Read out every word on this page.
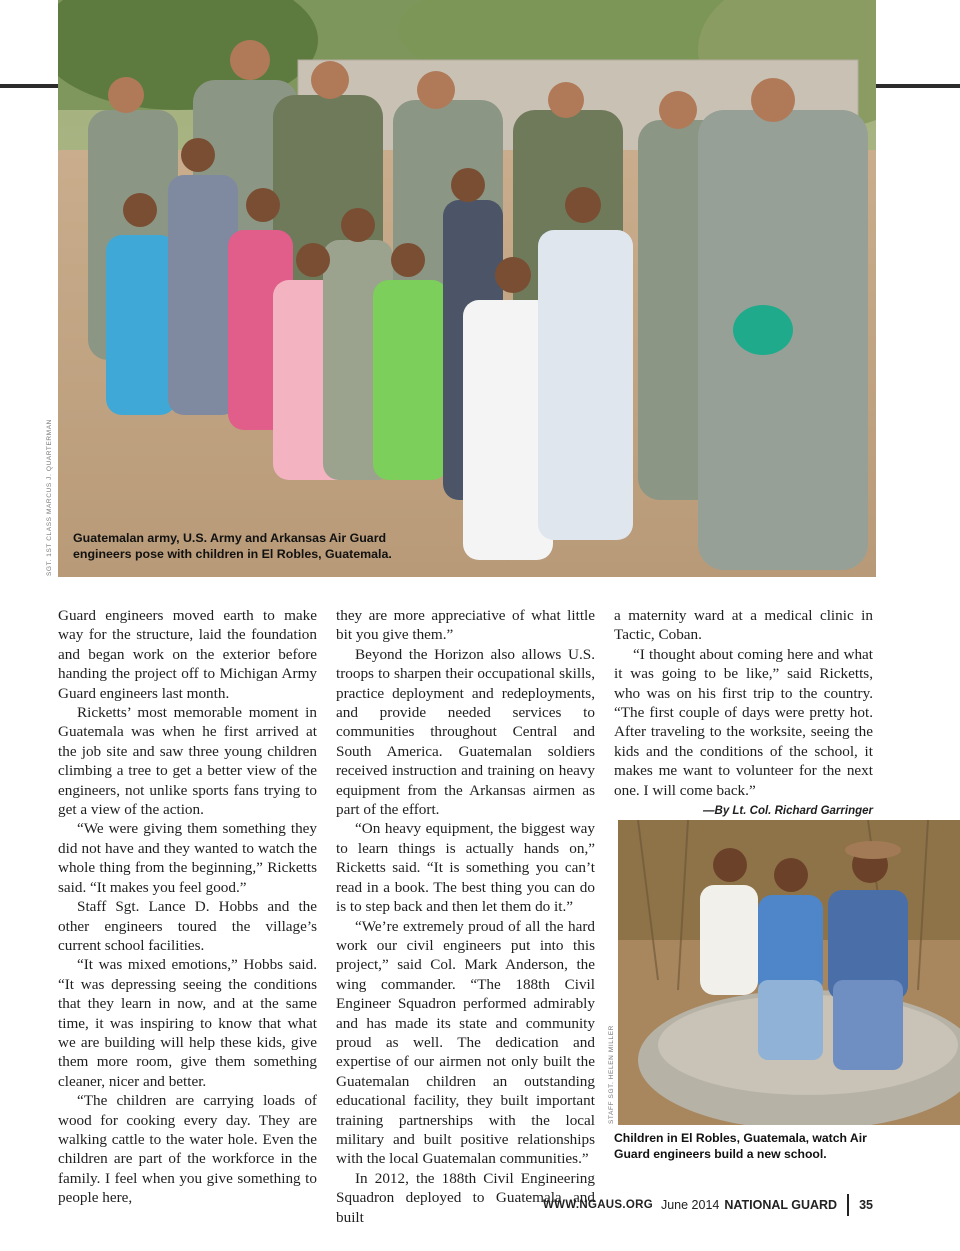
SGT. 1ST CLASS MARCUS J. QUARTERMAN Guatemalan army, U.S. Army and Arkansas Air Guard engineers pose with children in El Robles, Guatemala.

Guard engineers moved earth to make way for the structure, laid the foundation and began work on the exterior before handing the project off to Michigan Army Guard engineers last month.

Ricketts’ most memorable moment in Guatemala was when he first arrived at the job site and saw three young children climbing a tree to get a better view of the engineers, not unlike sports fans trying to get a view of the action.

“We were giving them something they did not have and they wanted to watch the whole thing from the beginning,” Ricketts said. “It makes you feel good.”

Staff Sgt. Lance D. Hobbs and the other engineers toured the village’s current school facilities.

“It was mixed emotions,” Hobbs said. “It was depressing seeing the conditions that they learn in now, and at the same time, it was inspiring to know that what we are building will help these kids, give them more room, give them something cleaner, nicer and better.

“The children are carrying loads of wood for cooking every day. They are walking cattle to the water hole. Even the children are part of the workforce in the family. I feel when you give something to people here,

they are more appreciative of what little bit you give them.”

Beyond the Horizon also allows U.S. troops to sharpen their occupational skills, practice deployment and redeployments, and provide needed services to communities throughout Central and South America. Guatemalan soldiers received instruction and training on heavy equipment from the Arkansas airmen as part of the effort.

“On heavy equipment, the biggest way to learn things is actually hands on,” Ricketts said. “It is something you can’t read in a book. The best thing you can do is to step back and then let them do it.”

“We’re extremely proud of all the hard work our civil engineers put into this project,” said Col. Mark Anderson, the wing commander. “The 188th Civil Engineer Squadron performed admirably and has made its state and community proud as well. The dedication and expertise of our airmen not only built the Guatemalan children an outstanding educational facility, they built important training partnerships with the local military and built positive relationships with the local Guatemalan communities.”

In 2012, the 188th Civil Engineering Squadron deployed to Guatemala and built

a maternity ward at a medical clinic in Tactic, Coban.

“I thought about coming here and what it was going to be like,” said Ricketts, who was on his first trip to the country. “The first couple of days were pretty hot. After traveling to the worksite, seeing the kids and the conditions of the school, it makes me want to volunteer for the next one. I will come back.”

—By Lt. Col. Richard Garringer
STAFF SGT. HELEN MILLER
Children in El Robles, Guatemala, watch Air Guard engineers build a new school.
WWW.NGAUS.ORG June 2014 NATIONAL GUARD 35
